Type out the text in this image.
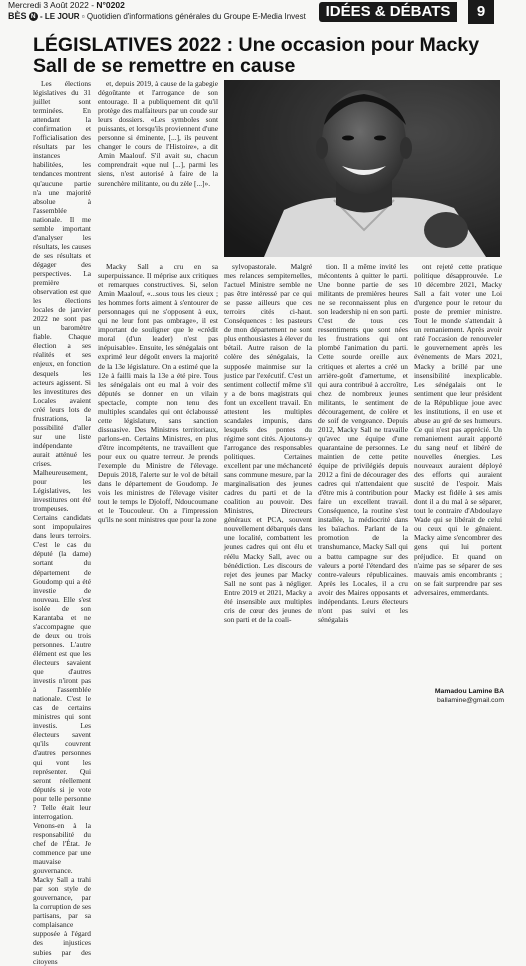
Mercredi 3 Août 2022 - N°0202
BÈS N - LE JOUR ▫ Quotidien d'informations générales du Groupe E-Media Invest	IDÉES & DÉBATS	9
LÉGISLATIVES 2022 : Une occasion pour Macky Sall de se remettre en cause

Les élections législatives du 31 juillet sont terminées. En attendant la confirmation et l'officialisation des résultats par les instances habilitées, les tendances montrent qu'aucune partie n'a une majorité absolue à l'assemblée nationale. Il me semble important d'analyser les résultats, les causes de ses résultats et dégager des perspectives. La première observation est que les élections locales de janvier 2022 ne sont pas un baromètre fiable. Chaque élection a ses réalités et ses enjeux, en fonction desquels les acteurs agissent. Si les investitures des Locales avaient créé leurs lots de frustrations, la possibilité d'aller sur une liste indépendante aurait atténué les crises. Malheureusement, pour les Législatives, les investitures ont été trompeuses. Certains candidats sont impopulaires dans leurs terroirs. C'est le cas du député (la dame) sortant du département de Goudomp qui a été investie de nouveau. Elle s'est isolée de son Karantaba et ne s'accompagne que de deux ou trois personnes. L'autre élément est que les électeurs savaient que d'autres investis n'iront pas à l'assemblée nationale. C'est le cas de certains ministres qui sont investis. Les électeurs savent qu'ils couvrent d'autres personnes qui vont les représenter. Qui seront réellement députés si je vote pour telle personne ? Telle était leur interrogation. Venons-en à la responsabilité du chef de l'État. Je commence par une mauvaise gouvernance. Macky Sall a trahi par son style de gouvernance, par la corruption de ses partisans, par sa complaisance supposée à l'égard des injustices subies par des citoyens

et, depuis 2019, à cause de la gabegie dégoûtante et l'arrogance de son entourage. Il a publiquement dit qu'il protège des malfaiteurs par un coude sur leurs dossiers. «Les symboles sont puissants, et lorsqu'ils proviennent d'une personne si éminente, [...], ils peuvent changer le cours de l'Histoire», a dit Amin Maalouf. S'il avait su, chacun comprendrait «que nul [...], parmi les siens, n'est autorisé à faire de la surenchère militante, ou du zèle [...]».

Macky Sall a cru en sa superpuissance. Il méprise aux critiques et remarques constructives. Si, selon Amin Maalouf, «...sous tous les cieux ; les hommes forts aiment à s'entourer de personnages qui ne s'opposent à eux, qui ne leur font pas ombrage», il est important de souligner que le «crédit moral (d'un leader) n'est pas inépuisable». Ensuite, les sénégalais ont exprimé leur dégoût envers la majorité de la 13e législature. On a estimé que la 12e à failli mais la 13e a été pire. Tous les sénégalais ont eu mal à voir des députés se donner en un vilain spectacle, compte non tenu des multiples scandales qui ont éclaboussé cette législature, sans sanction dissuasive. Des Ministres territoriaux, parlons-en. Certains Ministres, en plus d'être incompétents, ne travaillent que pour eux ou quatre terreur. Je prends l'exemple du Ministre de l'élevage. Depuis 2018, l'alerte sur le vol de bétail dans le département de Goudomp. Je vois les ministres de l'élevage visiter tout le temps le Djoloff, Ndoucoumane et le Toucouleur. On a l'impression qu'ils ne sont ministres que pour la zone

sylvopastorale. Malgré mes relances sempiternelles, l'actuel Ministre semble ne pas être intéressé par ce qui se passe ailleurs que ces terroirs cités ci-haut. Conséquences : les pasteurs de mon département ne sont plus enthousiastes à élever du bétail. Autre raison de la colère des sénégalais, la supposée mainmise sur la justice par l'exécutif. C'est un sentiment collectif même s'il y a de bons magistrats qui font un excellent travail. En attestent les multiples scandales impunis, dans lesquels des pontes du régime sont cités. Ajoutons-y l'arrogance des responsables politiques. Certaines excellent par une méchanceté sans commune mesure, par la marginalisation des jeunes cadres du parti et de la coalition au pouvoir. Des Ministres, Directeurs généraux et PCA, souvent nouvellement débarqués dans une localité, combattent les jeunes cadres qui ont élu et réélu Macky Sall, avec ou bénédiction. Les discours de rejet des jeunes par Macky Sall ne sont pas à négliger. Entre 2019 et 2021, Macky a été insensible aux multiples cris de cœur des jeunes de son parti et de la coali-

tion. Il a même invité les mécontents à quitter le parti. Une bonne partie de ses militants de premières heures ne se reconnaissent plus en son leadership ni en son parti. C'est de tous ces ressentiments que sont nées les frustrations qui ont plombé l'animation du parti. Cette sourde oreille aux critiques et alertes a créé un arrière-goût d'amertume, et qui aura contribué à accroître, chez de nombreux jeunes militants, le sentiment de découragement, de colère et de soif de vengeance. Depuis 2012, Macky Sall ne travaille qu'avec une équipe d'une quarantaine de personnes. Le maintien de cette petite équipe de privilégiés depuis 2012 a fini de décourager des cadres qui n'attendaient que d'être mis à contribution pour faire un excellent travail. Conséquence, la routine s'est installée, la médiocrité dans les baïachos. Parlant de la promotion de la transhumance, Macky Sall qui a battu campagne sur des valeurs a porté l'étendard des contre-valeurs républicaines. Après les Locales, il a cru avoir des Maires opposants et indépendants. Leurs électeurs n'ont pas suivi et les sénégalais

ont rejeté cette pratique politique désapprouvée. Le 10 décembre 2021, Macky Sall a fait voter une Loi d'urgence pour le retour du poste de premier ministre. Tout le monde s'attendait à un remaniement. Après avoir raté l'occasion de renouveler le gouvernement après les évènements de Mars 2021, Macky a brillé par une insensibilité inexplicable. Les sénégalais ont le sentiment que leur président de la République joue avec les institutions, il en use et abuse au gré de ses humeurs. Ce qui n'est pas apprécié. Un remaniement aurait apporté du sang neuf et libéré de nouvelles énergies. Les nouveaux auraient déployé des efforts qui auraient suscité de l'espoir. Mais Macky est fidèle à ses amis dont il a du mal à se séparer, tout le contraire d'Abdoulaye Wade qui se libérait de celui ou ceux qui le gênaient. Macky aime s'encombrer des gens qui lui portent préjudice. Et quand on n'aime pas se séparer de ses mauvais amis encombrants ; on se fait surprendre par ses adversaires, emmerdants.

Mamadou Lamine BA
ballamine@gmail.com
